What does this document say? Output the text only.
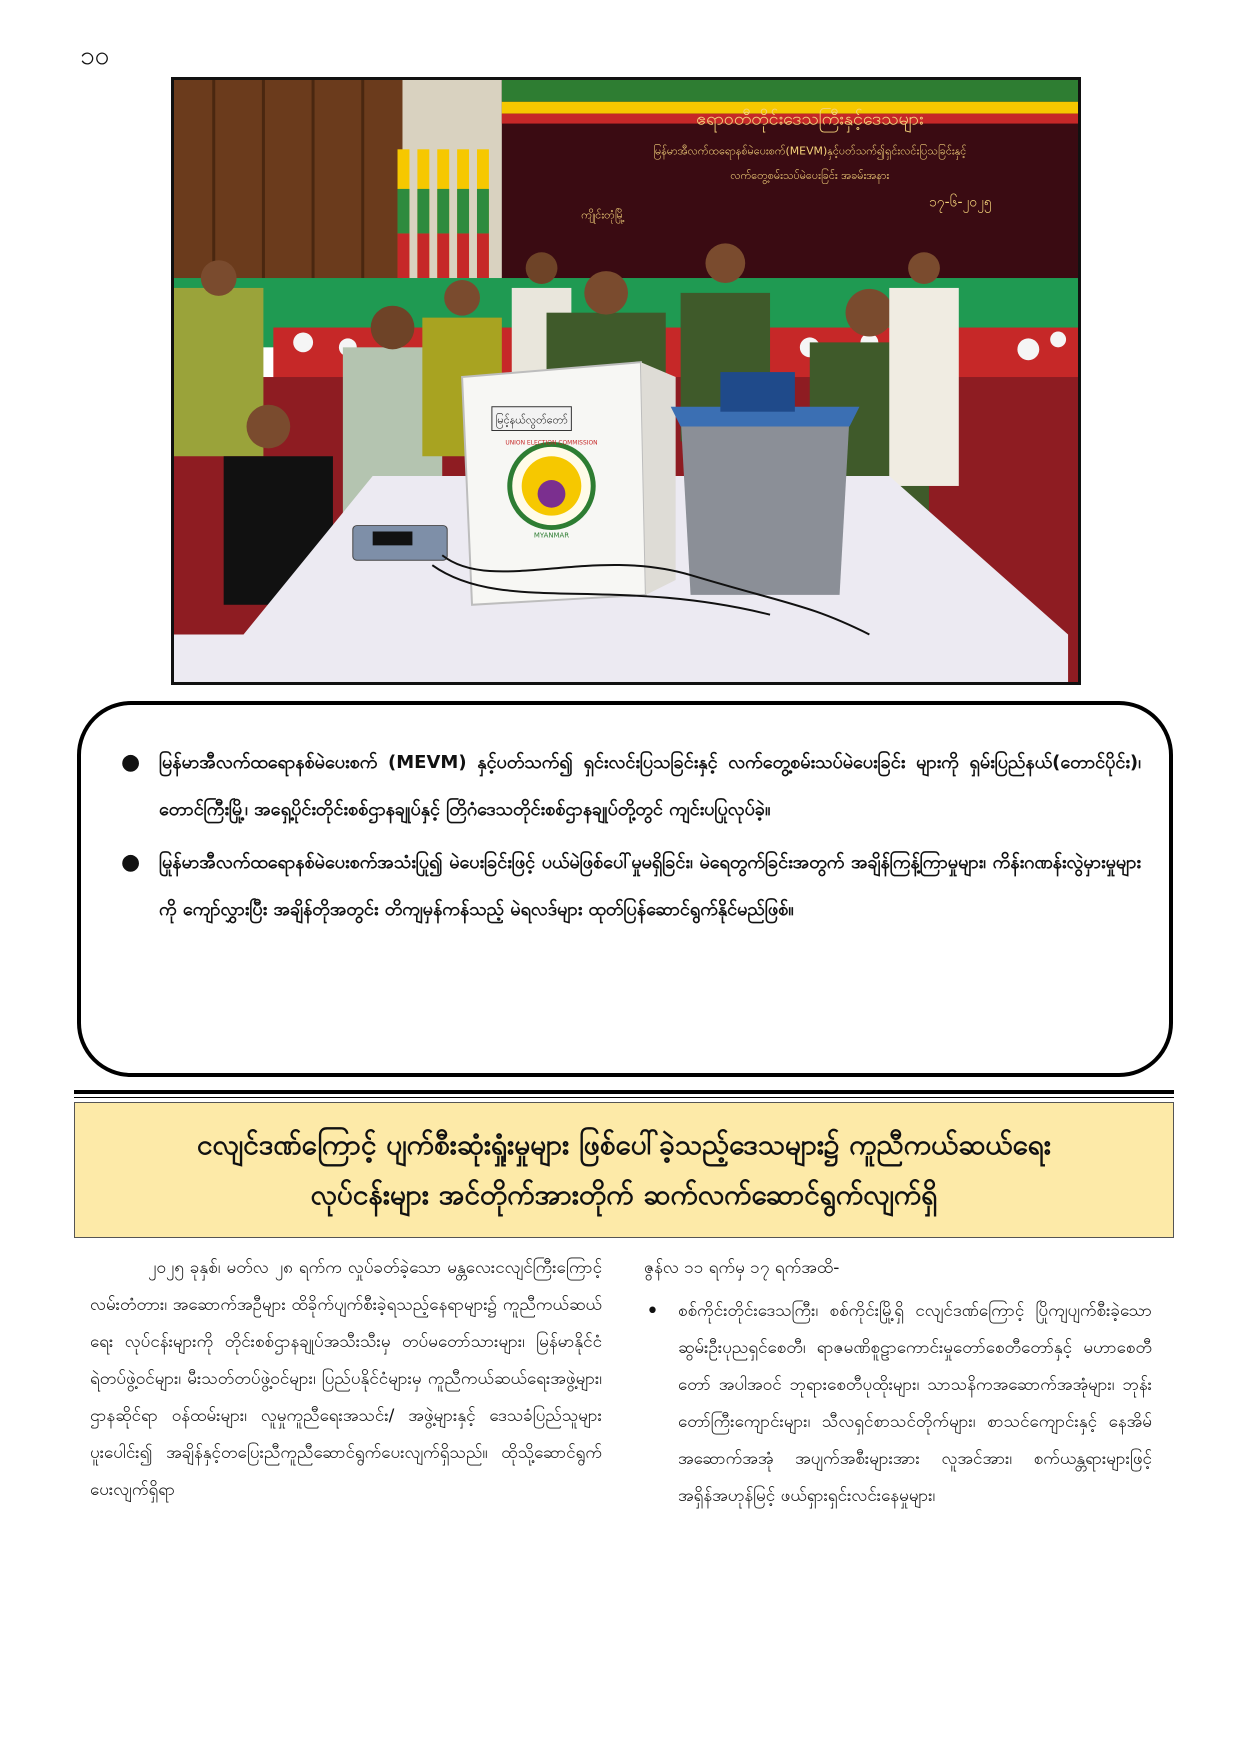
၁၀
ဧရာဝတီတိုင်းဒေသကြီးနှင့်ဒေသများ
မြန်မာအီလက်ထရောနစ်မဲပေးစက်(MEVM)နှင့်ပတ်သက်၍ရှင်းလင်းပြသခြင်းနှင့်
လက်တွေ့စမ်းသပ်မဲပေးခြင်း အခမ်းအနား
ကျိုင်းတုံမြို့
၁၇-၆-၂၀၂၅
မြင့်နယ်လွတ်တော်
UNION ELECTION COMMISSION
MYANMAR
● မြန်မာအီလက်ထရောနစ်မဲပေးစက် (MEVM) နှင့်ပတ်သက်၍ ရှင်းလင်းပြသခြင်းနှင့် လက်တွေ့စမ်းသပ်မဲပေးခြင်း များကို ရှမ်းပြည်နယ်(တောင်ပိုင်း)၊ တောင်ကြီးမြို့၊ အရှေ့ပိုင်းတိုင်းစစ်ဌာနချုပ်နှင့် တြိဂံဒေသတိုင်းစစ်ဌာနချုပ်တို့တွင် ကျင်းပပြုလုပ်ခဲ့။
● မြန်မာအီလက်ထရောနစ်မဲပေးစက်အသုံးပြု၍ မဲပေးခြင်းဖြင့် ပယ်မဲဖြစ်ပေါ်မှုမရှိခြင်း၊ မဲရေတွက်ခြင်းအတွက် အချိန်ကြန့်ကြာမှုများ၊ ကိန်းဂဏန်းလွဲမှားမှုများကို ကျော်လွှားပြီး အချိန်တိုအတွင်း တိကျမှန်ကန်သည့် မဲရလဒ်များ ထုတ်ပြန်ဆောင်ရွက်နိုင်မည်ဖြစ်။
ငလျင်ဒဏ်ကြောင့် ပျက်စီးဆုံးရှုံးမှုများ ဖြစ်ပေါ်ခဲ့သည့်ဒေသများ၌ ကူညီကယ်ဆယ်ရေး
လုပ်ငန်းများ အင်တိုက်အားတိုက် ဆက်လက်ဆောင်ရွက်လျက်ရှိ

၂၀၂၅ ခုနှစ်၊ မတ်လ ၂၈ ရက်က လှုပ်ခတ်ခဲ့သော မန္တလေးငလျင်ကြီးကြောင့် လမ်းတံတား၊ အဆောက်အဦများ ထိခိုက်ပျက်စီးခဲ့ရသည့်နေရာများ၌ ကူညီကယ်ဆယ်ရေး လုပ်ငန်းများကို တိုင်းစစ်ဌာနချုပ်အသီးသီးမှ တပ်မတော်သားများ၊ မြန်မာနိုင်ငံရဲတပ်ဖွဲ့ဝင်များ၊ မီးသတ်တပ်ဖွဲ့ဝင်များ၊ ပြည်ပနိုင်ငံများမှ ကူညီကယ်ဆယ်ရေးအဖွဲ့များ၊ ဌာနဆိုင်ရာ ဝန်ထမ်းများ၊ လူမှုကူညီရေးအသင်း/ အဖွဲ့များနှင့် ဒေသခံပြည်သူများပူးပေါင်း၍ အချိန်နှင့်တပြေးညီကူညီဆောင်ရွက်ပေးလျက်ရှိသည်။ ထိုသို့ဆောင်ရွက်ပေးလျက်ရှိရာ

ဇွန်လ ၁၁ ရက်မှ ၁၇ ရက်အထိ-

• စစ်ကိုင်းတိုင်းဒေသကြီး၊ စစ်ကိုင်းမြို့ရှိ ငလျင်ဒဏ်ကြောင့် ပြိုကျပျက်စီးခဲ့သော ဆွမ်းဦးပုညရှင်စေတီ၊ ရာဇမဏိစူဠာကောင်းမှုတော်စေတီတော်နှင့် မဟာစေတီတော် အပါအဝင် ဘုရားစေတီပုထိုးများ၊ သာသနိကအဆောက်အအုံများ၊ ဘုန်းတော်ကြီးကျောင်းများ၊ သီလရှင်စာသင်တိုက်များ၊ စာသင်ကျောင်းနှင့် နေအိမ်အဆောက်အအုံ အပျက်အစီးများအား လူအင်အား၊ စက်ယန္တရားများဖြင့် အရှိန်အဟုန်မြင့် ဖယ်ရှားရှင်းလင်းနေမှုများ၊
